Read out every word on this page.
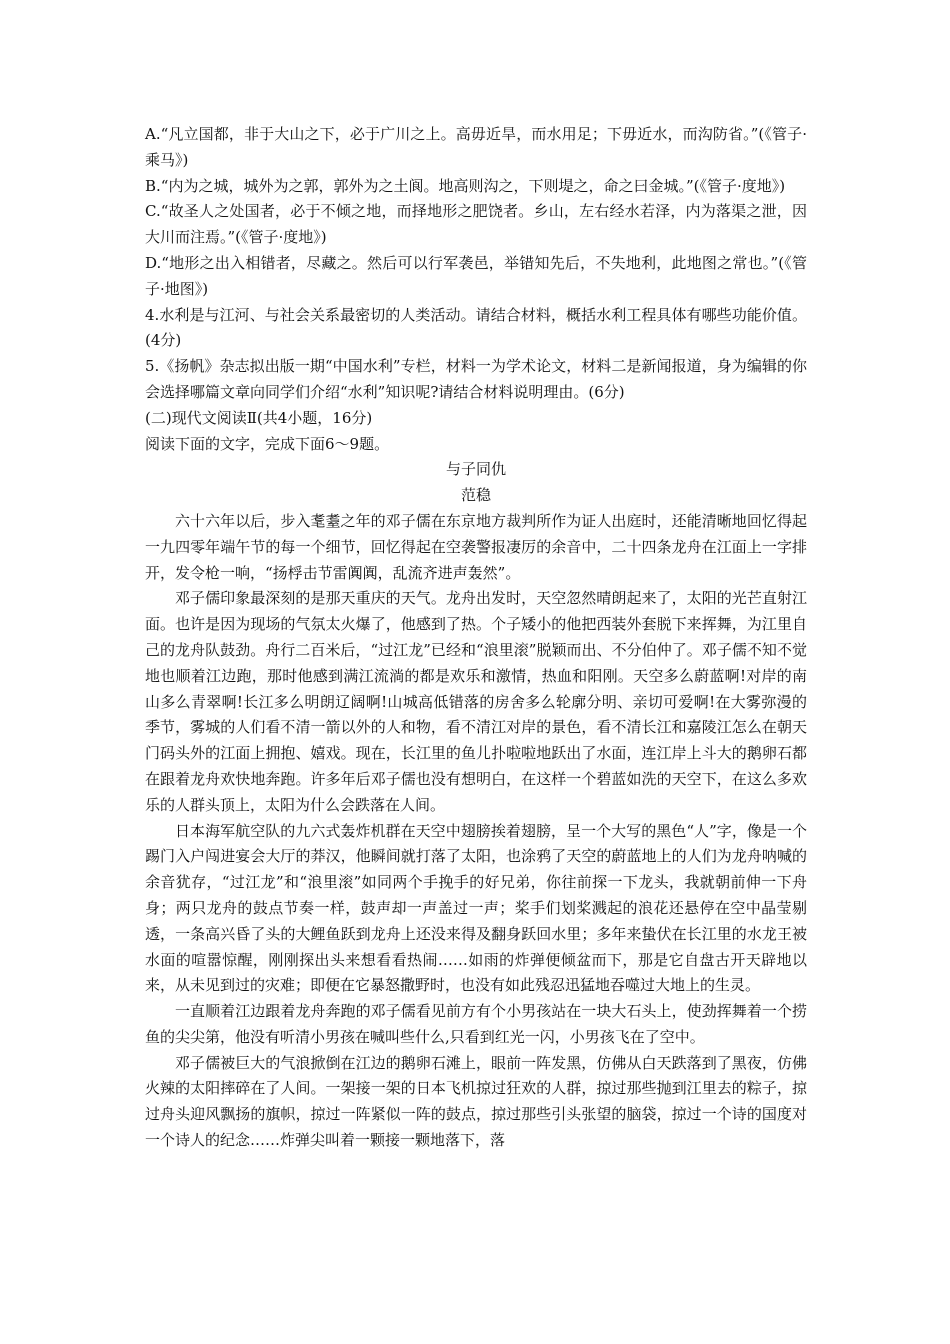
A.“凡立国都，非于大山之下，必于广川之上。高毋近旱，而水用足；下毋近水，而沟防省。”(《管子·乘马》)

B.“内为之城，城外为之郭，郭外为之土阆。地高则沟之，下则堤之，命之曰金城。”(《管子·度地》)

C.“故圣人之处国者，必于不倾之地，而择地形之肥饶者。乡山，左右经水若泽，内为落渠之泄，因大川而注焉。”(《管子·度地》)

D.“地形之出入相错者，尽藏之。然后可以行军袭邑，举错知先后，不失地利，此地图之常也。”(《管子·地图》)

4.水利是与江河、与社会关系最密切的人类活动。请结合材料，概括水利工程具体有哪些功能价值。(4分)

5.《扬帆》杂志拟出版一期“中国水利”专栏，材料一为学术论文，材料二是新闻报道，身为编辑的你会选择哪篇文章向同学们介绍“水利”知识呢?请结合材料说明理由。(6分)

(二)现代文阅读Ⅱ(共4小题，16分)

阅读下面的文字，完成下面6～9题。

与子同仇

范稳

六十六年以后，步入耄耋之年的邓子儒在东京地方裁判所作为证人出庭时，还能清晰地回忆得起一九四零年端午节的每一个细节，回忆得起在空袭警报凄厉的余音中，二十四条龙舟在江面上一字排开，发令枪一响，“扬桴击节雷阗阗，乱流齐进声轰然”。

邓子儒印象最深刻的是那天重庆的天气。龙舟出发时，天空忽然晴朗起来了，太阳的光芒直射江面。也许是因为现场的气氛太火爆了，他感到了热。个子矮小的他把西装外套脱下来挥舞，为江里自己的龙舟队鼓劲。舟行二百米后，“过江龙”已经和“浪里滚”脱颖而出、不分伯仲了。邓子儒不知不觉地也顺着江边跑，那时他感到满江流淌的都是欢乐和激情，热血和阳刚。天空多么蔚蓝啊!对岸的南山多么青翠啊!长江多么明朗辽阔啊!山城高低错落的房舍多么轮廓分明、亲切可爱啊!在大雾弥漫的季节，雾城的人们看不清一箭以外的人和物，看不清江对岸的景色，看不清长江和嘉陵江怎么在朝天门码头外的江面上拥抱、嬉戏。现在，长江里的鱼儿扑啦啦地跃出了水面，连江岸上斗大的鹅卵石都在跟着龙舟欢快地奔跑。许多年后邓子儒也没有想明白，在这样一个碧蓝如洗的天空下，在这么多欢乐的人群头顶上，太阳为什么会跌落在人间。

日本海军航空队的九六式轰炸机群在天空中翅膀挨着翅膀，呈一个大写的黑色“人”字，像是一个踢门入户闯进宴会大厅的莽汉，他瞬间就打落了太阳，也涂鸦了天空的蔚蓝地上的人们为龙舟呐喊的余音犹存，“过江龙”和“浪里滚”如同两个手挽手的好兄弟，你往前探一下龙头，我就朝前伸一下舟身；两只龙舟的鼓点节奏一样，鼓声却一声盖过一声；桨手们划桨溅起的浪花还悬停在空中晶莹剔透，一条高兴昏了头的大鲤鱼跃到龙舟上还没来得及翻身跃回水里；多年来蛰伏在长江里的水龙王被水面的喧嚣惊醒，刚刚探出头来想看看热闹……如雨的炸弹便倾盆而下，那是它自盘古开天辟地以来，从未见到过的灾难；即便在它暴怒撒野时，也没有如此残忍迅猛地吞噬过大地上的生灵。

一直顺着江边跟着龙舟奔跑的邓子儒看见前方有个小男孩站在一块大石头上，使劲挥舞着一个捞鱼的尖尖第，他没有听清小男孩在喊叫些什么,只看到红光一闪，小男孩飞在了空中。

邓子儒被巨大的气浪掀倒在江边的鹅卵石滩上，眼前一阵发黑，仿佛从白天跌落到了黑夜，仿佛火辣的太阳摔碎在了人间。一架接一架的日本飞机掠过狂欢的人群，掠过那些抛到江里去的粽子，掠过舟头迎风飘扬的旗帜，掠过一阵紧似一阵的鼓点，掠过那些引头张望的脑袋，掠过一个诗的国度对一个诗人的纪念……炸弹尖叫着一颗接一颗地落下，落
